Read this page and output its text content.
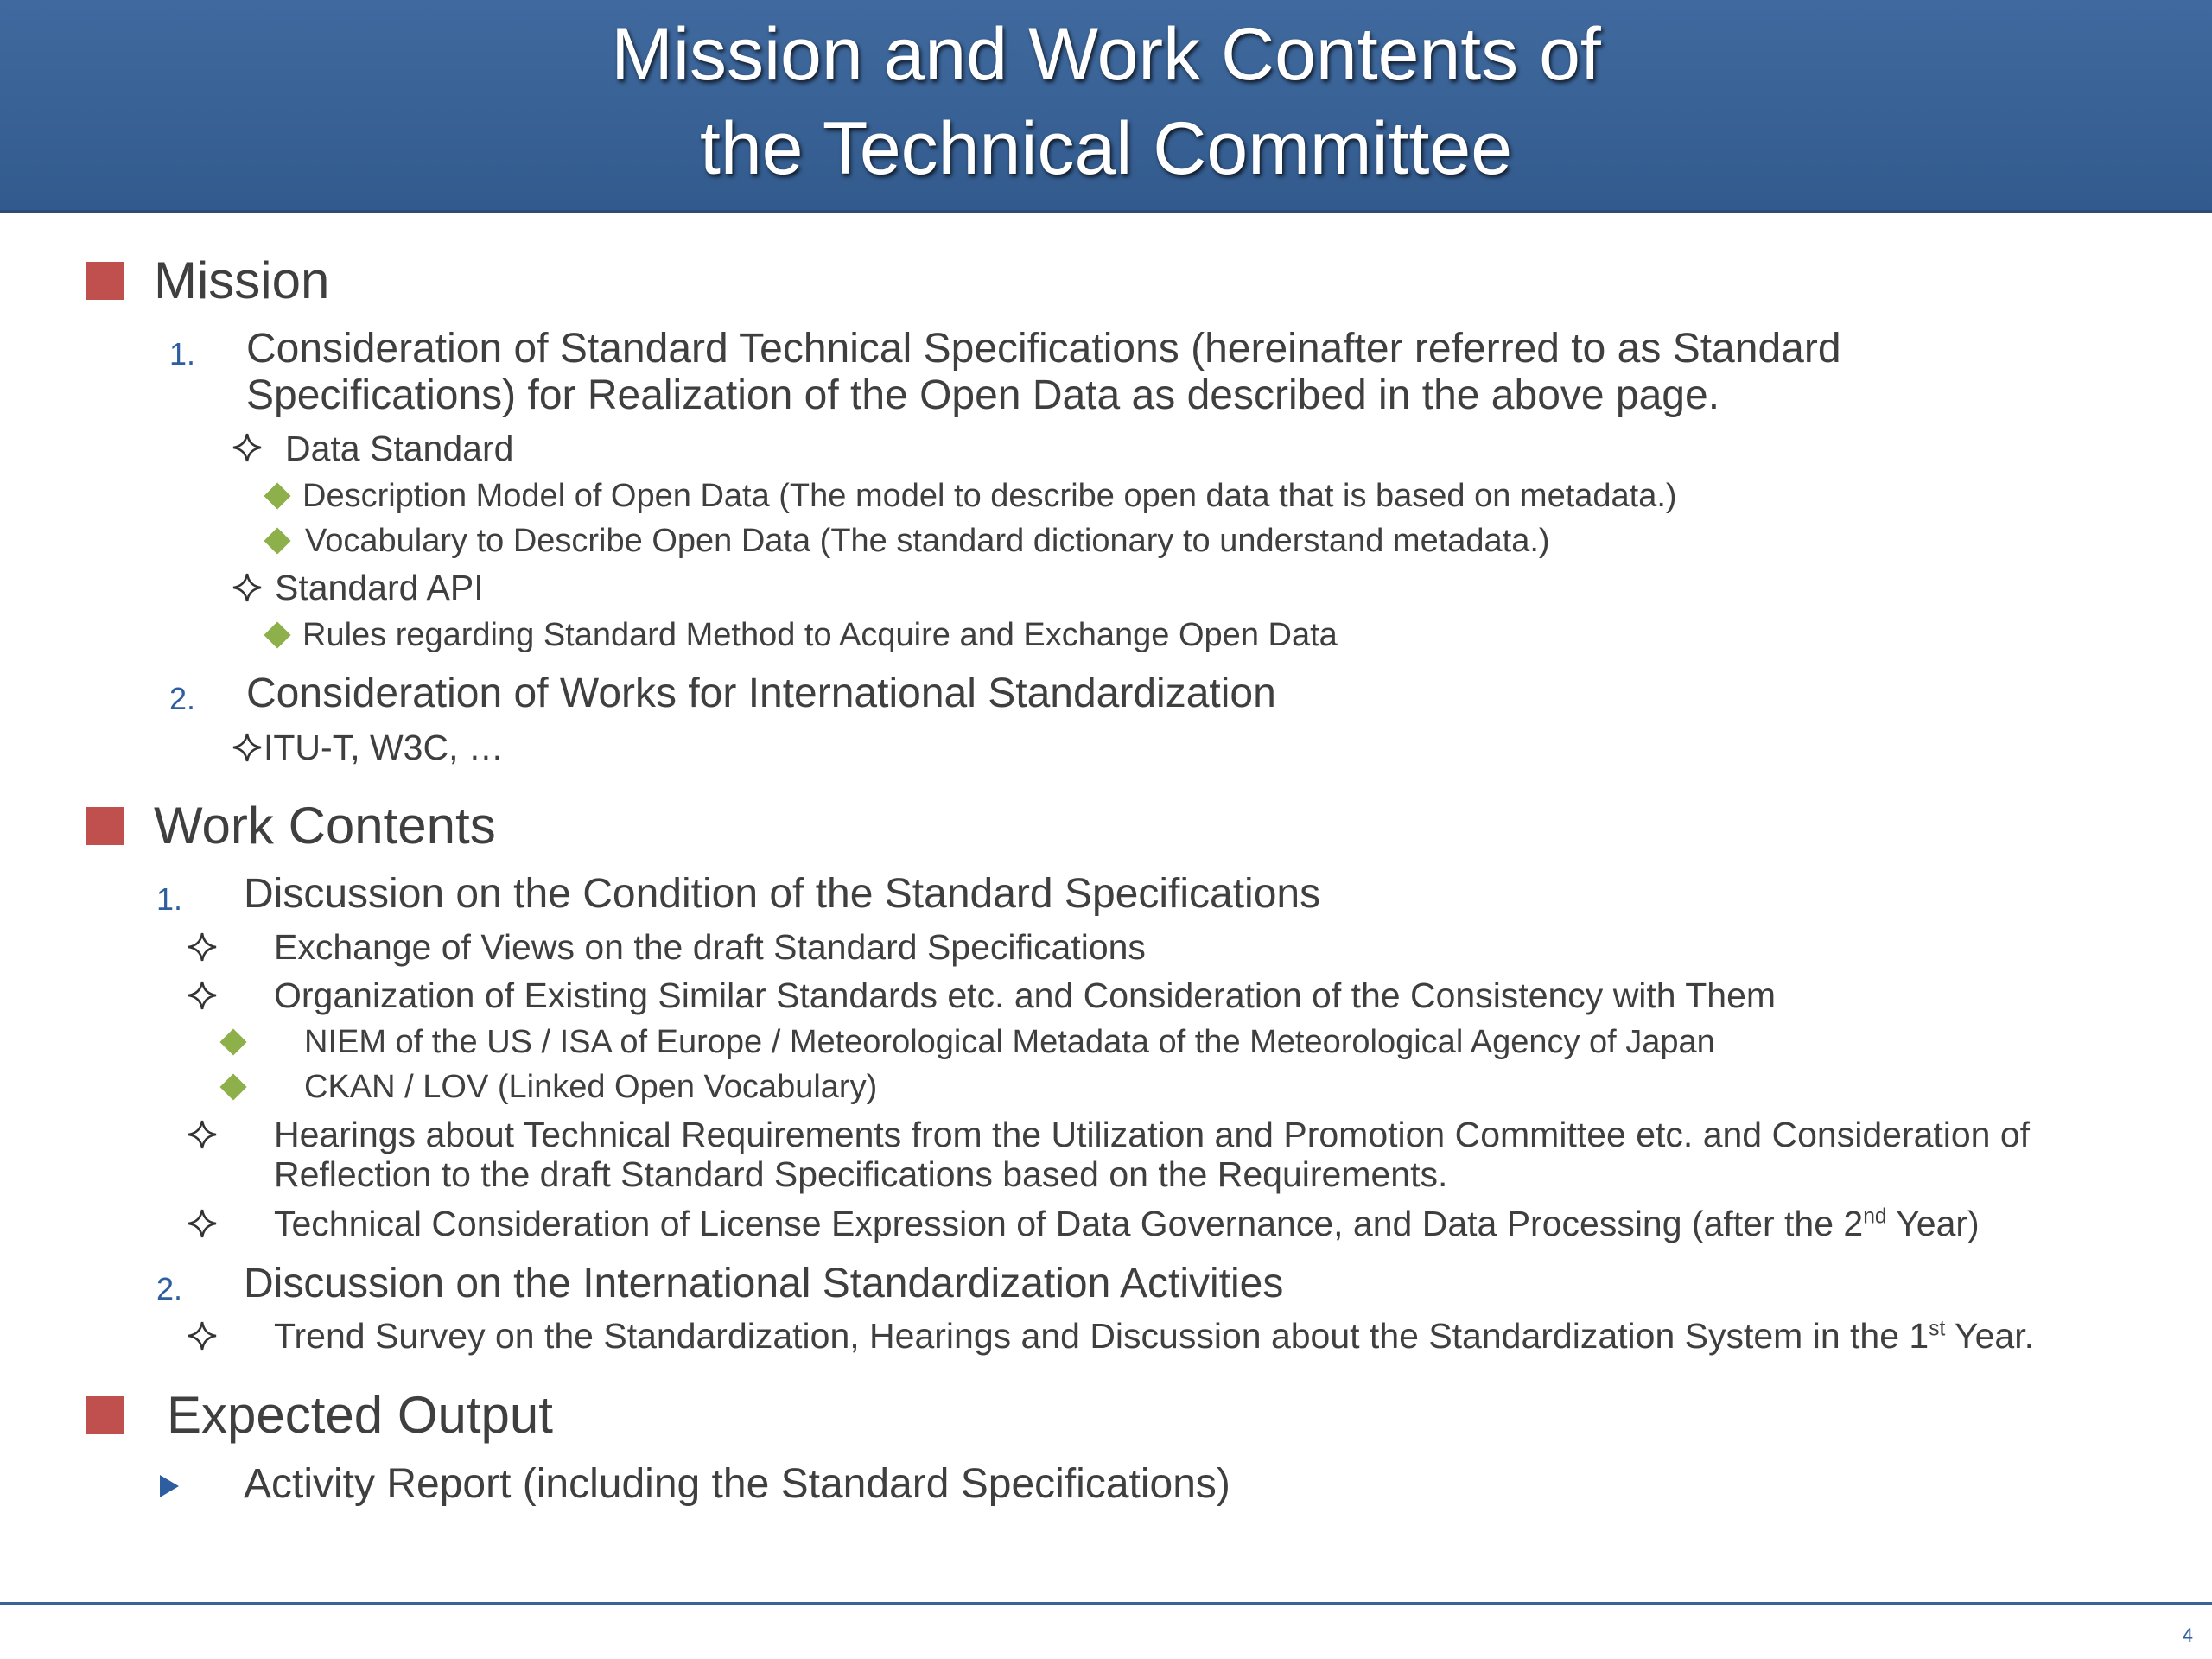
Mission and Work Contents of
the Technical Committee
Mission
1. Consideration of Standard Technical Specifications (hereinafter referred to as Standard
Specifications) for Realization of the Open Data as described in the above page.
Data Standard
Description Model of Open Data (The model to describe open data that is based on metadata.)
Vocabulary to Describe Open Data (The standard dictionary to understand metadata.)
Standard API
Rules regarding Standard Method to Acquire and Exchange Open Data
2. Consideration of Works for International Standardization
ITU-T, W3C, …
Work Contents
1. Discussion on the Condition of the Standard Specifications
Exchange of Views on the draft Standard Specifications
Organization of Existing Similar Standards etc. and Consideration of the Consistency with Them
NIEM of the US / ISA of Europe / Meteorological Metadata of the Meteorological Agency of Japan
CKAN / LOV (Linked Open Vocabulary)
Hearings about Technical Requirements from the Utilization and Promotion Committee etc. and Consideration of
Reflection to the draft Standard Specifications based on the Requirements.
Technical Consideration of License Expression of Data Governance, and Data Processing (after the 2nd Year)
2. Discussion on the International Standardization Activities
Trend Survey on the Standardization, Hearings and Discussion about the Standardization System in the 1st Year.
Expected Output
Activity Report (including the Standard Specifications)
4
